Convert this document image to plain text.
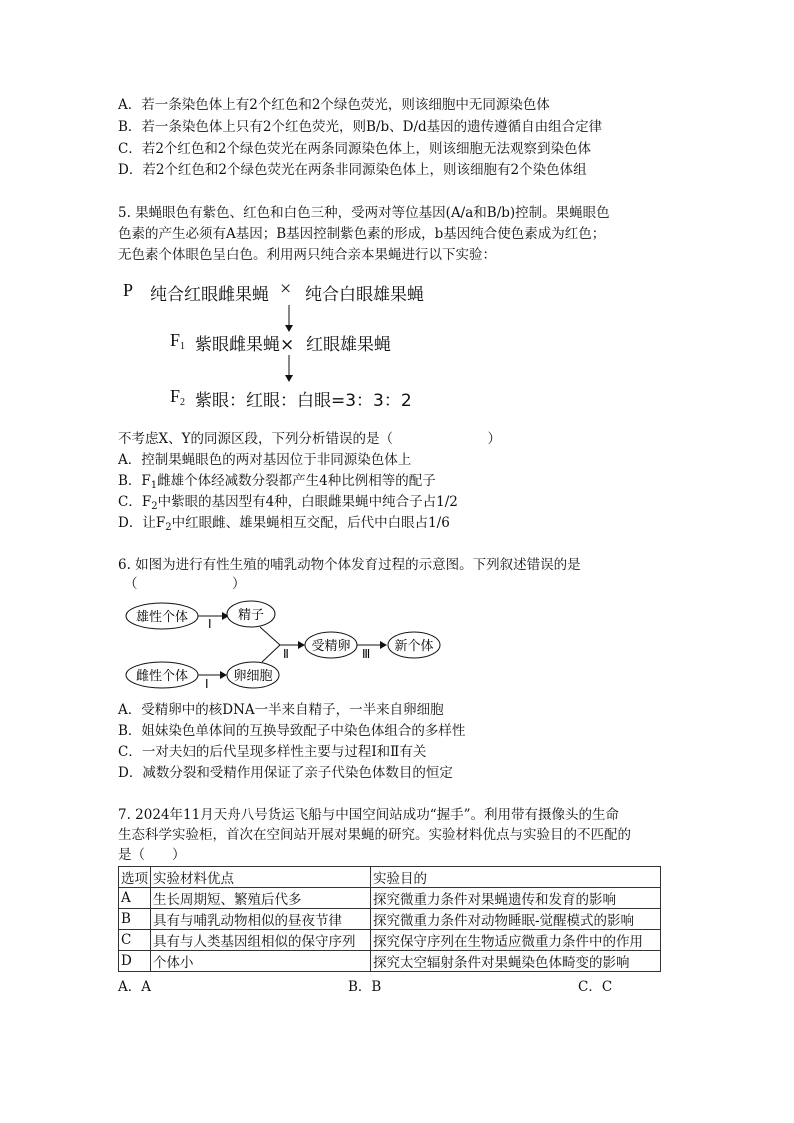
A．若一条染色体上有2个红色和2个绿色荧光，则该细胞中无同源染色体
B．若一条染色体上只有2个红色荧光，则B/b、D/d基因的遗传遵循自由组合定律
C．若2个红色和2个绿色荧光在两条同源染色体上，则该细胞无法观察到染色体
D．若2个红色和2个绿色荧光在两条非同源染色体上，则该细胞有2个染色体组
5. 果蝇眼色有紫色、红色和白色三种，受两对等位基因(A/a和B/b)控制。果蝇眼色
色素的产生必须有A基因；B基因控制紫色素的形成，b基因纯合使色素成为红色；
无色素个体眼色呈白色。利用两只纯合亲本果蝇进行以下实验：
P 纯合红眼雌果蝇 × 纯合白眼雄果蝇
$F_1$ 紫眼雌果蝇× 红眼雄果蝇
$F_2$ 紫眼：红眼：白眼=3：3：2
不考虑X、Y的同源区段，下列分析错误的是（　　　　　　　）
A．控制果蝇眼色的两对基因位于非同源染色体上
B．$F_1$雌雄个体经减数分裂都产生4种比例相等的配子
C．$F_2$中紫眼的基因型有4种，白眼雌果蝇中纯合子占1/2
D．让$F_2$中红眼雌、雄果蝇相互交配，后代中白眼占1/6
6. 如图为进行有性生殖的哺乳动物个体发育过程的示意图。下列叙述错误的是
（　　　　　　　）
雄性个体 Ⅰ
精子
雌性个体 Ⅰ 卵细胞
Ⅱ 受精卵 Ⅲ 新个体
A．受精卵中的核DNA一半来自精子，一半来自卵细胞
B．姐妹染色单体间的互换导致配子中染色体组合的多样性
C．一对夫妇的后代呈现多样性主要与过程Ⅰ和Ⅱ有关
D．减数分裂和受精作用保证了亲子代染色体数目的恒定
7. 2024年11月天舟八号货运飞船与中国空间站成功“握手”。利用带有摄像头的生命
生态科学实验柜，首次在空间站开展对果蝇的研究。实验材料优点与实验目的不匹配的
是（　　）
选项	实验材料优点	实验目的
A	生长周期短、繁殖后代多	探究微重力条件对果蝇遗传和发育的影响
B	具有与哺乳动物相似的昼夜节律	探究微重力条件对动物睡眠-觉醒模式的影响
C	具有与人类基因组相似的保守序列	探究保守序列在生物适应微重力条件中的作用
D	个体小	探究太空辐射条件对果蝇染色体畸变的影响
A．A	B．B	C．C
